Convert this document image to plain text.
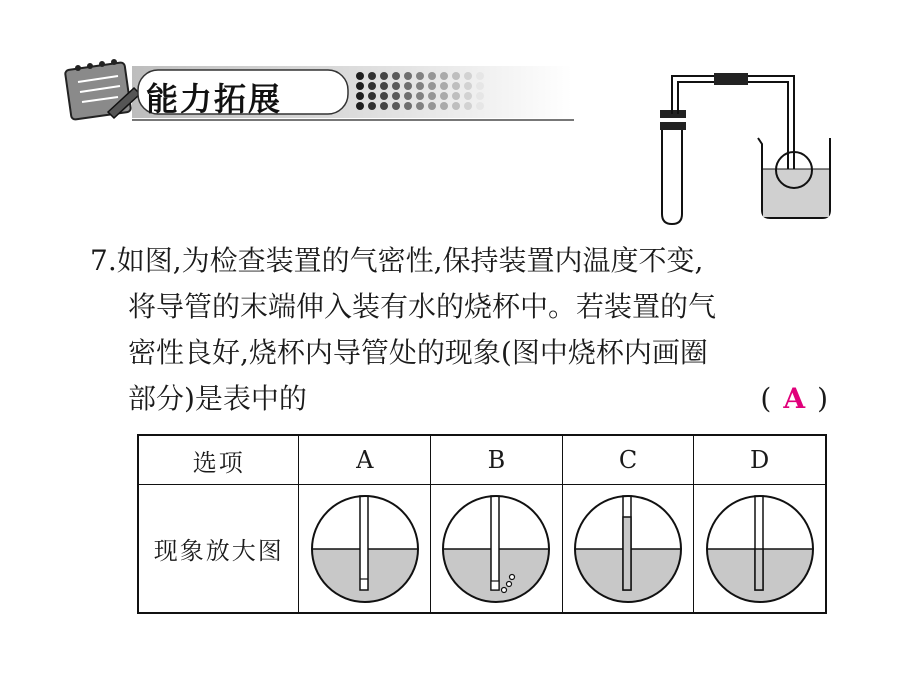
能力拓展
7.如图,为检查装置的气密性,保持装置内温度不变,
将导管的末端伸入装有水的烧杯中。若装置的气
密性良好,烧杯内导管处的现象(图中烧杯内画圈
部分)是表中的	( A )
选项	A	B	C	D
现象放大图	
